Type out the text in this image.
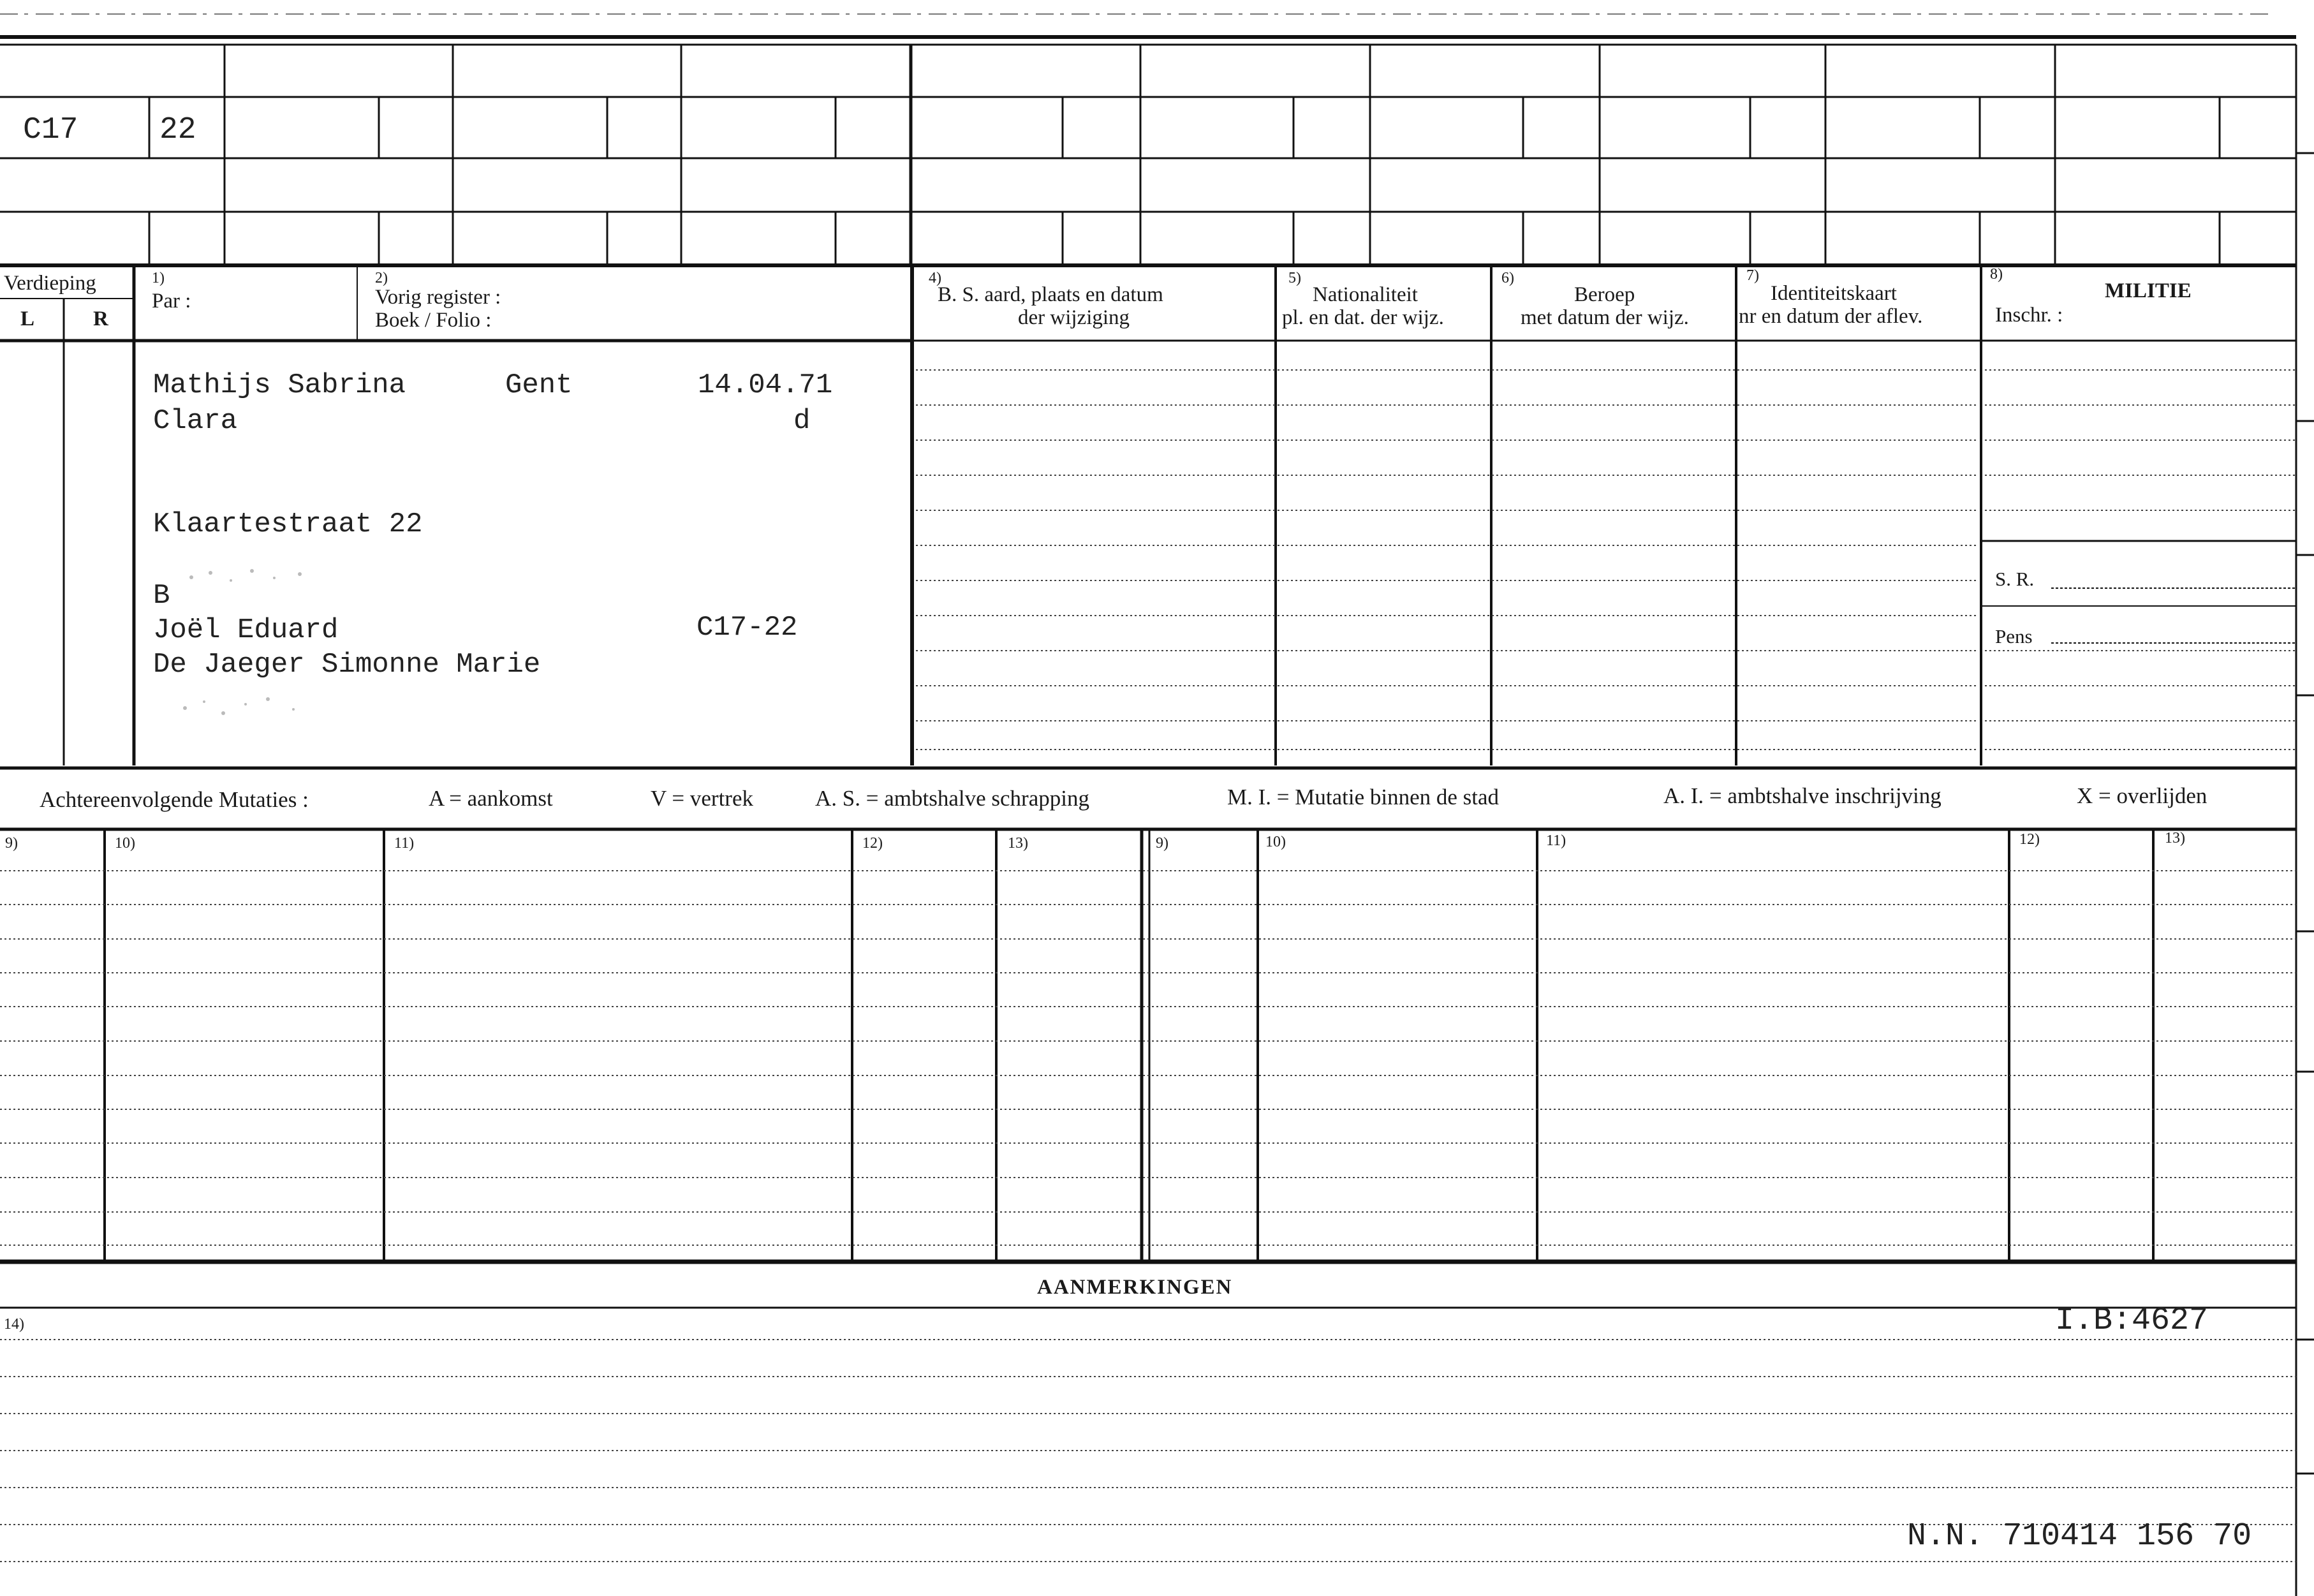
C17	22
Verdieping
L	R
1)
Par :
2)
Vorig register :
Boek / Folio :
4)
B. S. aard, plaats en datum
der wijziging
5)
Nationaliteit
pl. en dat. der wijz.
6)
Beroep
met datum der wijz.
7)
Identiteitskaart
nr en datum der aflev.
8)
MILITIE
Inschr. :
S. R.
Pens
Mathijs Sabrina	Gent	14.04.71
Clara	d
Klaartestraat 22
B
Joël Eduard	C17-22
De Jaeger Simonne Marie
Achtereenvolgende Mutaties :	A = aankomst	V = vertrek	A. S. = ambtshalve schrapping	M. I. = Mutatie binnen de stad	A. I. = ambtshalve inschrijving	X = overlijden
9)	10)	11)	12)	13)	9)	10)	11)	12)	13)
AANMERKINGEN
14)	I.B:4627
N.N. 710414 156 70
